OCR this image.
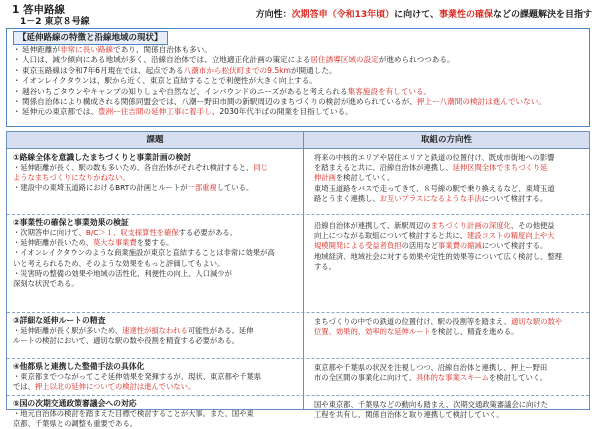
1 答申路線
1－2 東京８号線
方向性：次期答申（令和13年頃）に向けて、事業性の確保などの課題解決を目指す
【延伸路線の特徴と沿線地域の現状】
・延伸距離が非常に長い路線であり、関係自治体も多い。
・人口は、減少傾向にある地域が多く、沿線自治体では、立地適正化計画の策定による居住誘導区域の設定が進められつつある。
・東京玉路線は令和7年6月現在では、起点である八潮市から松伏町までの9.5kmが開通した。
・イオンレイクタウンは、駅から近く、東京と直結することで利便性が大きく向上する。
・越谷いちごタウンやキャンプの知りしょや自然など、インバウンドのニーズがあると考えられる集客施設を有している。
・関係自治体により構成される関係同盟会では、八潮ー野田市間の新駅周辺のまちづくりの検討が進められているが、押上ー八潮間の検討は進んでいない。
・延伸元の東京都では、豊洲ー住吉間の延伸工事に着手し、2030年代半ばの開業を目指している。
課題	取組の方向性
①路線全体を意識したまちづくりと事業計画の検討
・延伸距離が長く、駅の数も多いため、各自治体がそれぞれ検討すると、同じ
ようなまちづくりになりかねない。
・建設中の東埼玉道路におけるBRTの計画とルートが一部重複している。
将来の中核的エリアや居住エリアと鉄道の位置付け、既成市街地への影響
を踏まえると共に、沿線自治体が連携し、延伸区間全体でまちづくり延
伸計画を検討していく。
東埼玉道路をバスで走ってきて、８号線の駅で乗り換えるなど、東埼玉道
路とうまく連携し、お互いプラスになるような手法について検討する。
②事業性の確保と事業効果の検証
・次期答申に向けて、B/C＞１、収支採算性を確保する必要がある。
・延伸距離が長いため、莫大な事業費を要する。
・イオンレイクタウンのような商業施設が東京と直結することは非常に効果が高
いと考えられるため、そのような効果をもっと評価してもよい。
・災害時の整備の効果や地域の活性化、利便性の向上、人口減少が
深刻な状況である。
沿線自治体が連携して、新駅周辺のまちづくり計画の深度化、その他便益
向上につながる取組について検討すると共に、建設コストの精度向上や大
規模開発による受益者負担の活用など事業費の縮減について検討する。
地域経済、地域社会に対する効果や定性的効果等について広く検討し、整理
する。
③詳細な延伸ルートの精査
・延伸距離が長く駅が多いため、速達性が損なわれる可能性がある。延伸
ルートの検討において、適切な駅の数や役割を精査する必要がある。
まちづくりの中での鉄道の位置付け、駅の役割等を踏まえ、適切な駅の数や
位置、効果的、効率的な延伸ルートを検討し、精査を進める。
④他都県と連携した整備手法の具体化
・東京都までつながってこそ延伸効果を発揮するが、現状、東京都や千葉県
では、押上以北の延伸についての検討は進んでいない。
東京都や千葉県の状況を注視しつつ、沿線自治体と連携し、押上ー野田
市の全区間の事業化に向けて、具体的な事業スキームを検討していく。
⑤国の次期交通政策審議会への対応
・地元自治体の検討を踏まえた目標で検討することが大事。また、国や東
京都、千葉県との調整も重要である。
国や東京都、千葉県などの動向も踏まえ、次期交通政策審議会に向けた
工程を共有し、関係自治体と取り連携して検討していく。
